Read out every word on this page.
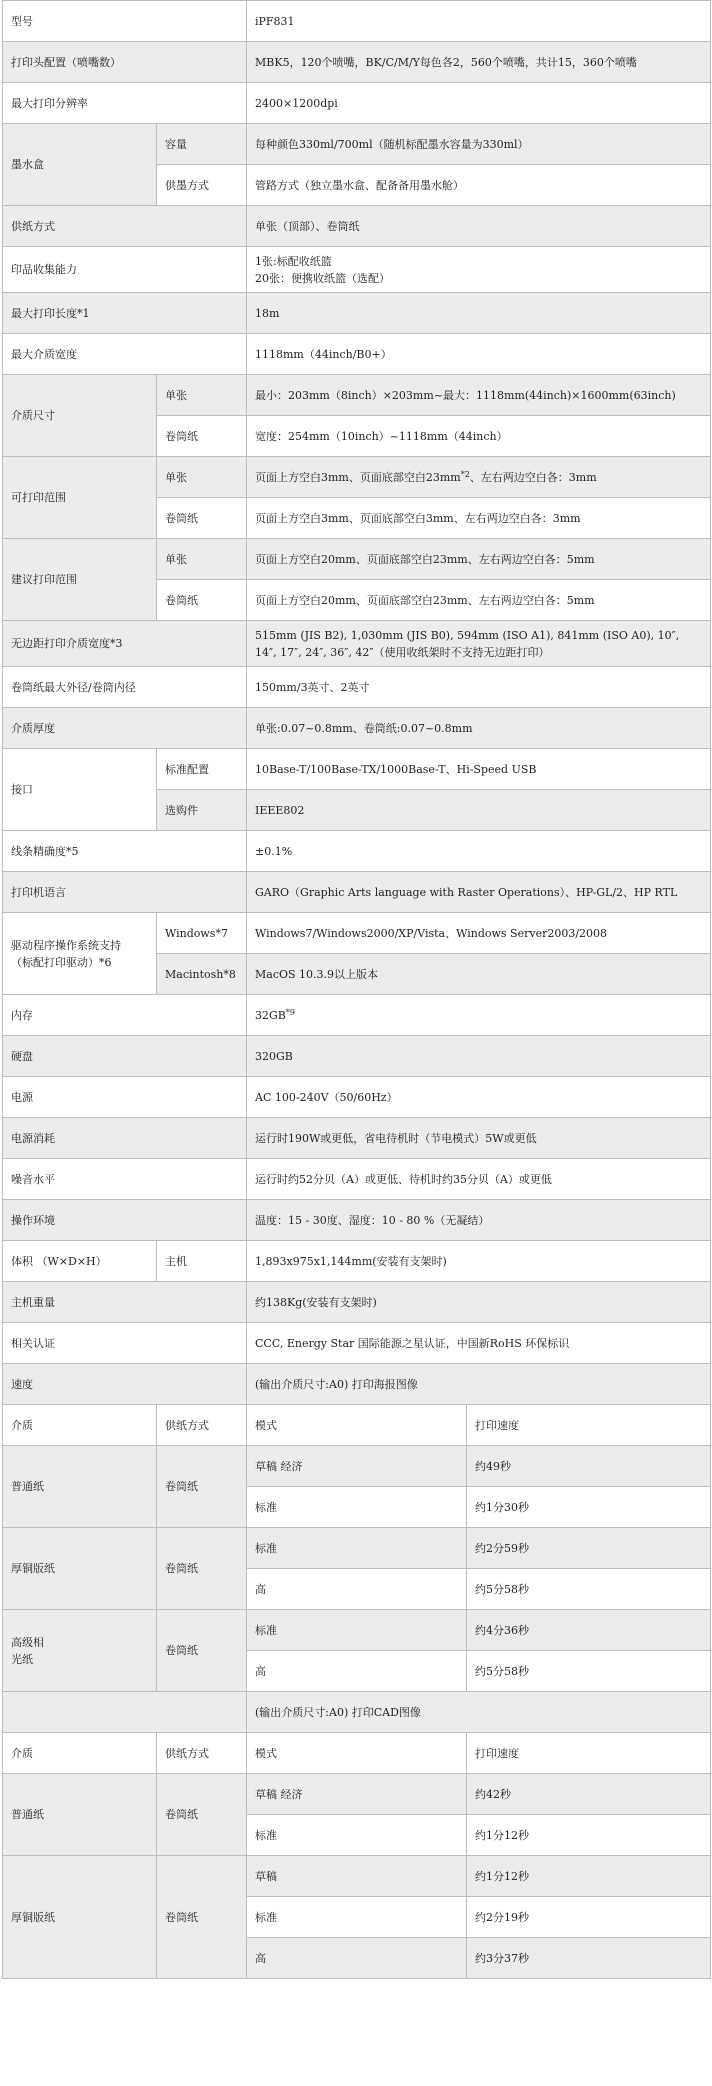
型号		iPF831	
打印头配置（喷嘴数）		MBK5，120个喷嘴，BK/C/M/Y每色各2，560个喷嘴，共计15，360个喷嘴	
最大打印分辨率		2400×1200dpi	
墨水盒	容量	每种颜色330ml/700ml（随机标配墨水容量为330ml）	
	供墨方式	管路方式（独立墨水盒、配备备用墨水舱）	
供纸方式		单张（顶部）、卷筒纸	
印品收集能力		1张:标配收纸篮
20张：便携收纸篮（选配）	

最大打印长度*1		18m	
最大介质宽度		1118mm（44inch/B0+）	
介质尺寸	单张	最小：203mm（8inch）×203mm~最大：1118mm(44inch)×1600mm(63inch)	
	卷筒纸	宽度：254mm（10inch）~1118mm（44inch）	
可打印范围	单张	页面上方空白3mm、页面底部空白$23mm^{*2}$、左右两边空白各：3mm	
	卷筒纸	页面上方空白3mm、页面底部空白3mm、左右两边空白各：3mm	
建议打印范围	单张	页面上方空白20mm、页面底部空白23mm、左右两边空白各：5mm	
	卷筒纸	页面上方空白20mm、页面底部空白23mm、左右两边空白各：5mm	
无边距打印介质宽度*3		515mm (JIS B2), 1,030mm (JIS B0), 594mm (ISO A1), 841mm (ISO A0), 10″,
14″, 17″, 24″, 36″, 42″（使用收纸架时不支持无边距打印）	

卷筒纸最大外径/卷筒内径		150mm/3英寸、2英寸	
介质厚度		单张:0.07~0.8mm、卷筒纸:0.07~0.8mm	
接口	标准配置	10Base-T/100Base-TX/1000Base-T、Hi-Speed USB	
	选购件	IEEE802	
线条精确度*5		±0.1%	
打印机语言		GARO（Graphic Arts language with Raster Operations）、HP-GL/2、HP RTL	

驱动程序操作系统支持
（标配打印驱动）*6	Windows*7	Windows7/Windows2000/XP/Vista、Windows Server2003/2008	
	Macintosh*8	MacOS 10.3.9以上版本	
内存		32GB$^{*9}$
硬盘		320GB	
电源		AC 100-240V（50/60Hz）	
电源消耗		运行时190W或更低，省电待机时（节电模式）5W或更低	
噪音水平		运行时约52分贝（A）或更低、待机时约35分贝（A）或更低	
操作环境		温度：15 - 30度、湿度：10 - 80 %（无凝结）	
体积 （W×D×H）	主机	1,893x975x1,144mm(安装有支架时)	
主机重量		约138Kg(安装有支架时)	
相关认证		CCC, Energy Star 国际能源之星认证，中国新RoHS 环保标识	
速度		(输出介质尺寸:A0) 打印海报图像	
介质	供纸方式	模式	打印速度

普通纸	卷筒纸	草稿 经济	约49秒
		标准	约1分30秒

厚铜版纸	卷筒纸	标准	约2分59秒
		高	约5分58秒

高级相
光纸	卷筒纸	标准	约4分36秒
		高	约5分58秒
		(输出介质尺寸:A0) 打印CAD图像	
介质	供纸方式	模式	打印速度

普通纸	卷筒纸	草稿 经济	约42秒
		标准	约1分12秒

厚铜版纸	卷筒纸	草稿	约1分12秒
		标准	约2分19秒
		高	约3分37秒
